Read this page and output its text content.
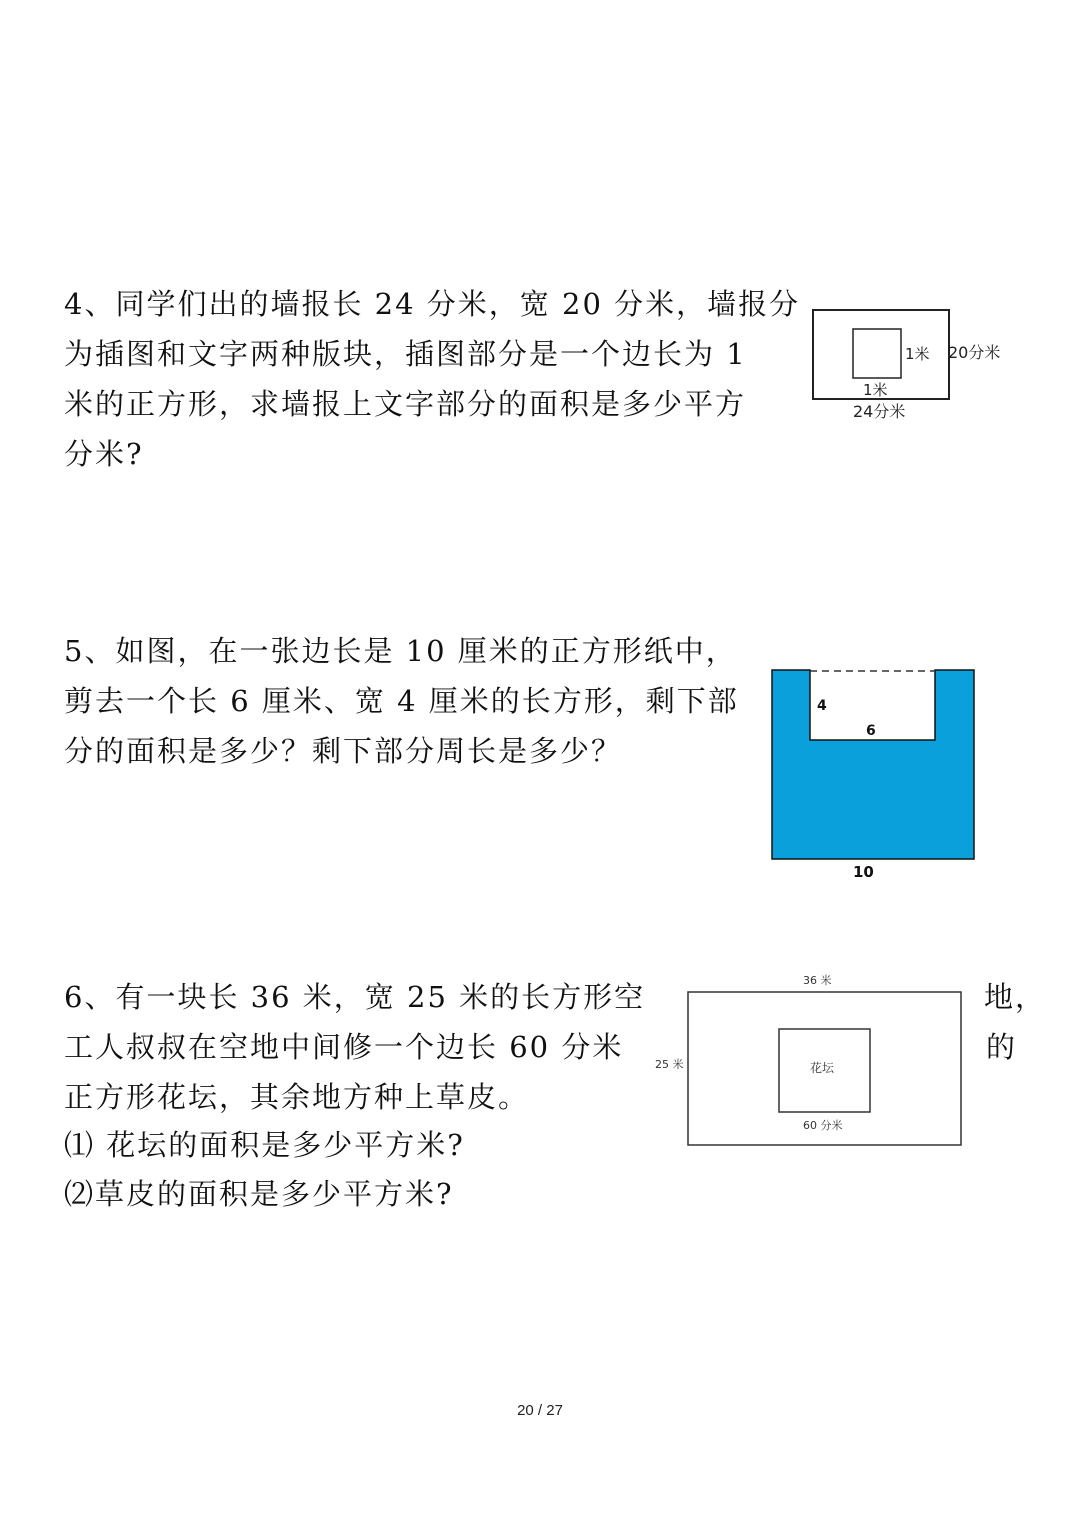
4、同学们出的墙报长 24 分米，宽 20 分米，墙报分
为插图和文字两种版块，插图部分是一个边长为 1
米的正方形，求墙报上文字部分的面积是多少平方
分米?
1米
1米
20分米
24分米
5、如图，在一张边长是 10 厘米的正方形纸中，
剪去一个长 6 厘米、宽 4 厘米的长方形，剩下部
分的面积是多少？剩下部分周长是多少？
4
6
10
6、有一块长 36 米，宽 25 米的长方形空	地，
工人叔叔在空地中间修一个边长 60 分米	的
正方形花坛，其余地方种上草皮。
⑴ 花坛的面积是多少平方米?
⑵草皮的面积是多少平方米?
36 米
25 米	花坛
60 分米
20 / 27
